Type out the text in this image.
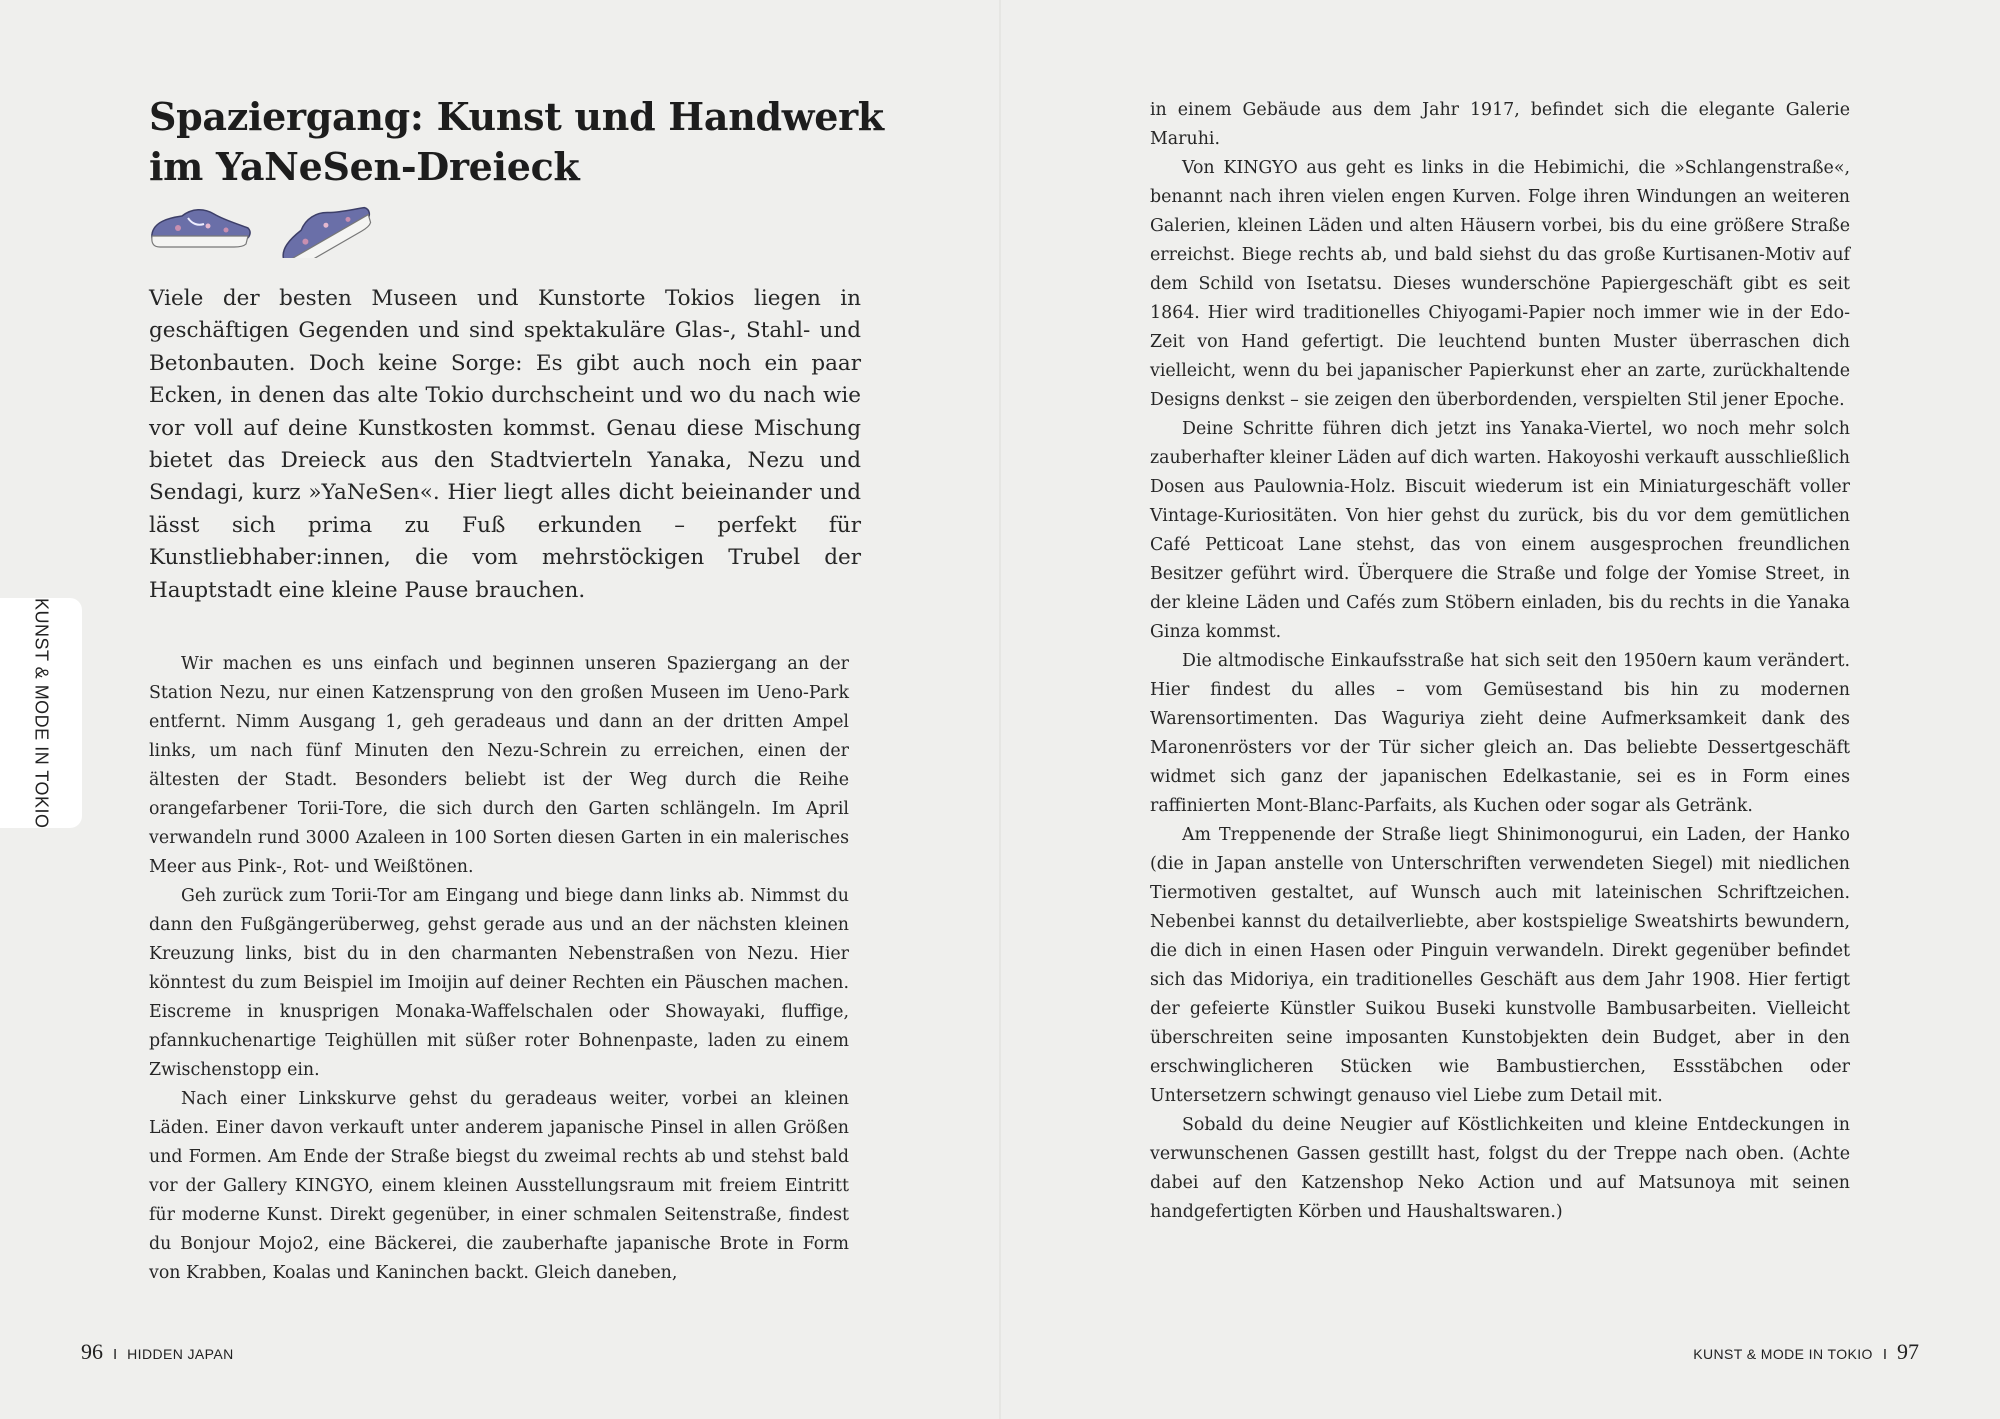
Spaziergang: Kunst und Handwerk
im YaNeSen-Dreieck

Viele der besten Museen und Kunstorte Tokios liegen in geschäftigen Gegenden und sind spektakuläre Glas-, Stahl- und Betonbauten. Doch keine Sorge: Es gibt auch noch ein paar Ecken, in denen das alte Tokio durchscheint und wo du nach wie vor voll auf deine Kunstkosten kommst. Genau diese Mischung bietet das Dreieck aus den Stadtvierteln Yanaka, Nezu und Sendagi, kurz »YaNeSen«. Hier liegt alles dicht beieinander und lässt sich prima zu Fuß erkunden – perfekt für Kunstliebhaber:innen, die vom mehrstöckigen Trubel der Hauptstadt eine kleine Pause brauchen.

KUNST & MODE IN TOKIO	Wir machen es uns einfach und beginnen unseren Spaziergang an der Station Nezu, nur einen Katzensprung von den großen Museen im Ueno-Park entfernt. Nimm Ausgang 1, geh geradeaus und dann an der dritten Ampel links, um nach fünf Minuten den Nezu-Schrein zu erreichen, einen der ältesten der Stadt. Besonders beliebt ist der Weg durch die Reihe orangefarbener Torii-Tore, die sich durch den Garten schlängeln. Im April verwandeln rund 3000 Azaleen in 100 Sorten diesen Garten in ein malerisches Meer aus Pink-, Rot- und Weißtönen.

Geh zurück zum Torii-Tor am Eingang und biege dann links ab. Nimmst du dann den Fußgängerüberweg, gehst gerade aus und an der nächsten kleinen Kreuzung links, bist du in den charmanten Nebenstraßen von Nezu. Hier könntest du zum Beispiel im Imoijin auf deiner Rechten ein Päuschen machen. Eiscreme in knusprigen Monaka-Waffelschalen oder Showayaki, fluffige, pfannkuchenartige Teighüllen mit süßer roter Bohnenpaste, laden zu einem Zwischenstopp ein.

Nach einer Linkskurve gehst du geradeaus weiter, vorbei an kleinen Läden. Einer davon verkauft unter anderem japanische Pinsel in allen Größen und Formen. Am Ende der Straße biegst du zweimal rechts ab und stehst bald vor der Gallery KINGYO, einem kleinen Ausstellungsraum mit freiem Eintritt für moderne Kunst. Direkt gegenüber, in einer schmalen Seitenstraße, findest du Bonjour Mojo2, eine Bäckerei, die zauberhafte japanische Brote in Form von Krabben, Koalas und Kaninchen backt. Gleich daneben,

96 I HIDDEN JAPAN

in einem Gebäude aus dem Jahr 1917, befindet sich die elegante Galerie Maruhi.

Von KINGYO aus geht es links in die Hebimichi, die »Schlangenstraße«, benannt nach ihren vielen engen Kurven. Folge ihren Windungen an weiteren Galerien, kleinen Läden und alten Häusern vorbei, bis du eine größere Straße erreichst. Biege rechts ab, und bald siehst du das große Kurtisanen-Motiv auf dem Schild von Isetatsu. Dieses wunderschöne Papiergeschäft gibt es seit 1864. Hier wird traditionelles Chiyogami-Papier noch immer wie in der Edo-Zeit von Hand gefertigt. Die leuchtend bunten Muster überraschen dich vielleicht, wenn du bei japanischer Papierkunst eher an zarte, zurückhaltende Designs denkst – sie zeigen den überbordenden, verspielten Stil jener Epoche.

Deine Schritte führen dich jetzt ins Yanaka-Viertel, wo noch mehr solch zauberhafter kleiner Läden auf dich warten. Hakoyoshi verkauft ausschließlich Dosen aus Paulownia-Holz. Biscuit wiederum ist ein Miniaturgeschäft voller Vintage-Kuriositäten. Von hier gehst du zurück, bis du vor dem gemütlichen Café Petticoat Lane stehst, das von einem ausgesprochen freundlichen Besitzer geführt wird. Überquere die Straße und folge der Yomise Street, in der kleine Läden und Cafés zum Stöbern einladen, bis du rechts in die Yanaka Ginza kommst.

Die altmodische Einkaufsstraße hat sich seit den 1950ern kaum verändert. Hier findest du alles – vom Gemüsestand bis hin zu modernen Warensortimenten. Das Waguriya zieht deine Aufmerksamkeit dank des Maronenrösters vor der Tür sicher gleich an. Das beliebte Dessertgeschäft widmet sich ganz der japanischen Edelkastanie, sei es in Form eines raffinierten Mont-Blanc-Parfaits, als Kuchen oder sogar als Getränk.

Am Treppenende der Straße liegt Shinimonogurui, ein Laden, der Hanko (die in Japan anstelle von Unterschriften verwendeten Siegel) mit niedlichen Tiermotiven gestaltet, auf Wunsch auch mit lateinischen Schriftzeichen. Nebenbei kannst du detailverliebte, aber kostspielige Sweatshirts bewundern, die dich in einen Hasen oder Pinguin verwandeln. Direkt gegenüber befindet sich das Midoriya, ein traditionelles Geschäft aus dem Jahr 1908. Hier fertigt der gefeierte Künstler Suikou Buseki kunstvolle Bambusarbeiten. Vielleicht überschreiten seine imposanten Kunstobjekten dein Budget, aber in den erschwinglicheren Stücken wie Bambustierchen, Essstäbchen oder Untersetzern schwingt genauso viel Liebe zum Detail mit.

Sobald du deine Neugier auf Köstlichkeiten und kleine Entdeckungen in verwunschenen Gassen gestillt hast, folgst du der Treppe nach oben. (Achte dabei auf den Katzenshop Neko Action und auf Matsunoya mit seinen handgefertigten Körben und Haushaltswaren.)

KUNST & MODE IN TOKIO I 97
